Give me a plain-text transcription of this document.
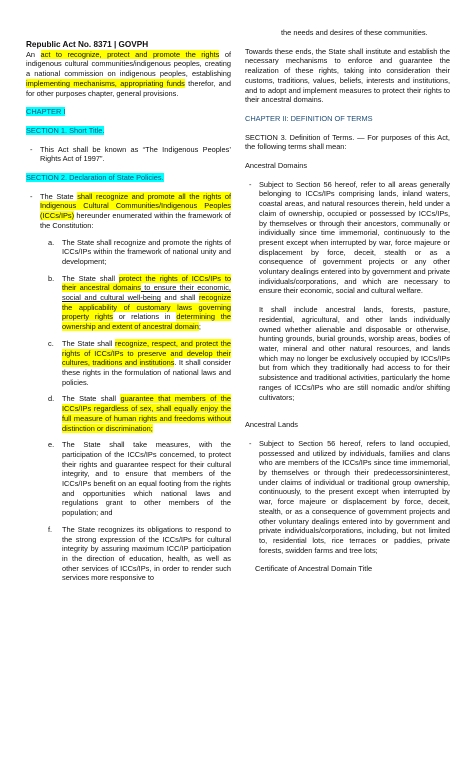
Republic Act No. 8371 | GOVPH

An act to recognize, protect and promote the rights of indigenous cultural communities/indigenous peoples, creating a national commission on indigenous peoples, establishing implementing mechanisms, appropriating funds therefor, and for other purposes chapter, general provisions.

CHAPTER I

SECTION 1. Short Title.

-	This Act shall be known as “The Indigenous Peoples’ Rights Act of 1997”.

SECTION 2. Declaration of State Policies.

-	The State shall recognize and promote all the rights of Indigenous Cultural Communities/Indigenous Peoples (ICCs/IPs) hereunder enumerated within the framework of the Constitution:
a.	The State shall recognize and promote the rights of ICCs/IPs within the framework of national unity and development;
b.	The State shall protect the rights of ICCs/IPs to their ancestral domains to ensure their economic, social and cultural well-being and shall recognize the applicability of customary laws governing property rights or relations in determining the ownership and extent of ancestral domain;
c.	The State shall recognize, respect, and protect the rights of ICCs/IPs to preserve and develop their cultures, traditions and institutions. It shall consider these rights in the formulation of national laws and policies.
d.	The State shall guarantee that members of the ICCs/IPs regardless of sex, shall equally enjoy the full measure of human rights and freedoms without distinction or discrimination;
e.	The State shall take measures, with the participation of the ICCs/IPs concerned, to protect their rights and guarantee respect for their cultural integrity, and to ensure that members of the ICCs/IPs benefit on an equal footing from the rights and opportunities which national laws and regulations grant to other members of the population; and
f.	The State recognizes its obligations to respond to the strong expression of the ICCs/IPs for cultural integrity by assuring maximum ICC/IP participation in the direction of education, health, as well as other services of ICCs/IPs, in order to render such services more responsive to

the needs and desires of these communities.

Towards these ends, the State shall institute and establish the necessary mechanisms to enforce and guarantee the realization of these rights, taking into consideration their customs, traditions, values, beliefs, interests and institutions, and to adopt and implement measures to protect their rights to their ancestral domains.

CHAPTER II: DEFINITION OF TERMS

SECTION 3. Definition of Terms. — For purposes of this Act, the following terms shall mean:

Ancestral Domains

-	Subject to Section 56 hereof, refer to all areas generally belonging to ICCs/IPs comprising lands, inland waters, coastal areas, and natural resources therein, held under a claim of ownership, occupied or possessed by ICCs/IPs, by themselves or through their ancestors, communally or individually since time immemorial, continuously to the present except when interrupted by war, force majeure or displacement by force, deceit, stealth or as a consequence of government projects or any other voluntary dealings entered into by government and private individuals/corporations, and which are necessary to ensure their economic, social and cultural welfare.

It shall include ancestral lands, forests, pasture, residential, agricultural, and other lands individually owned whether alienable and disposable or otherwise, hunting grounds, burial grounds, worship areas, bodies of water, mineral and other natural resources, and lands which may no longer be exclusively occupied by ICCs/IPs but from which they traditionally had access to for their subsistence and traditional activities, particularly the home ranges of ICCs/IPs who are still nomadic and/or shifting cultivators;

Ancestral Lands

-	Subject to Section 56 hereof, refers to land occupied, possessed and utilized by individuals, families and clans who are members of the ICCs/IPs since time immemorial, by themselves or through their predecessorsininterest, under claims of individual or traditional group ownership, continuously, to the present except when interrupted by war, force majeure or displacement by force, deceit, stealth, or as a consequence of government projects and other voluntary dealings entered into by government and private individuals/corporations, including, but not limited to, residential lots, rice terraces or paddies, private forests, swidden farms and tree lots;

Certificate of Ancestral Domain Title
